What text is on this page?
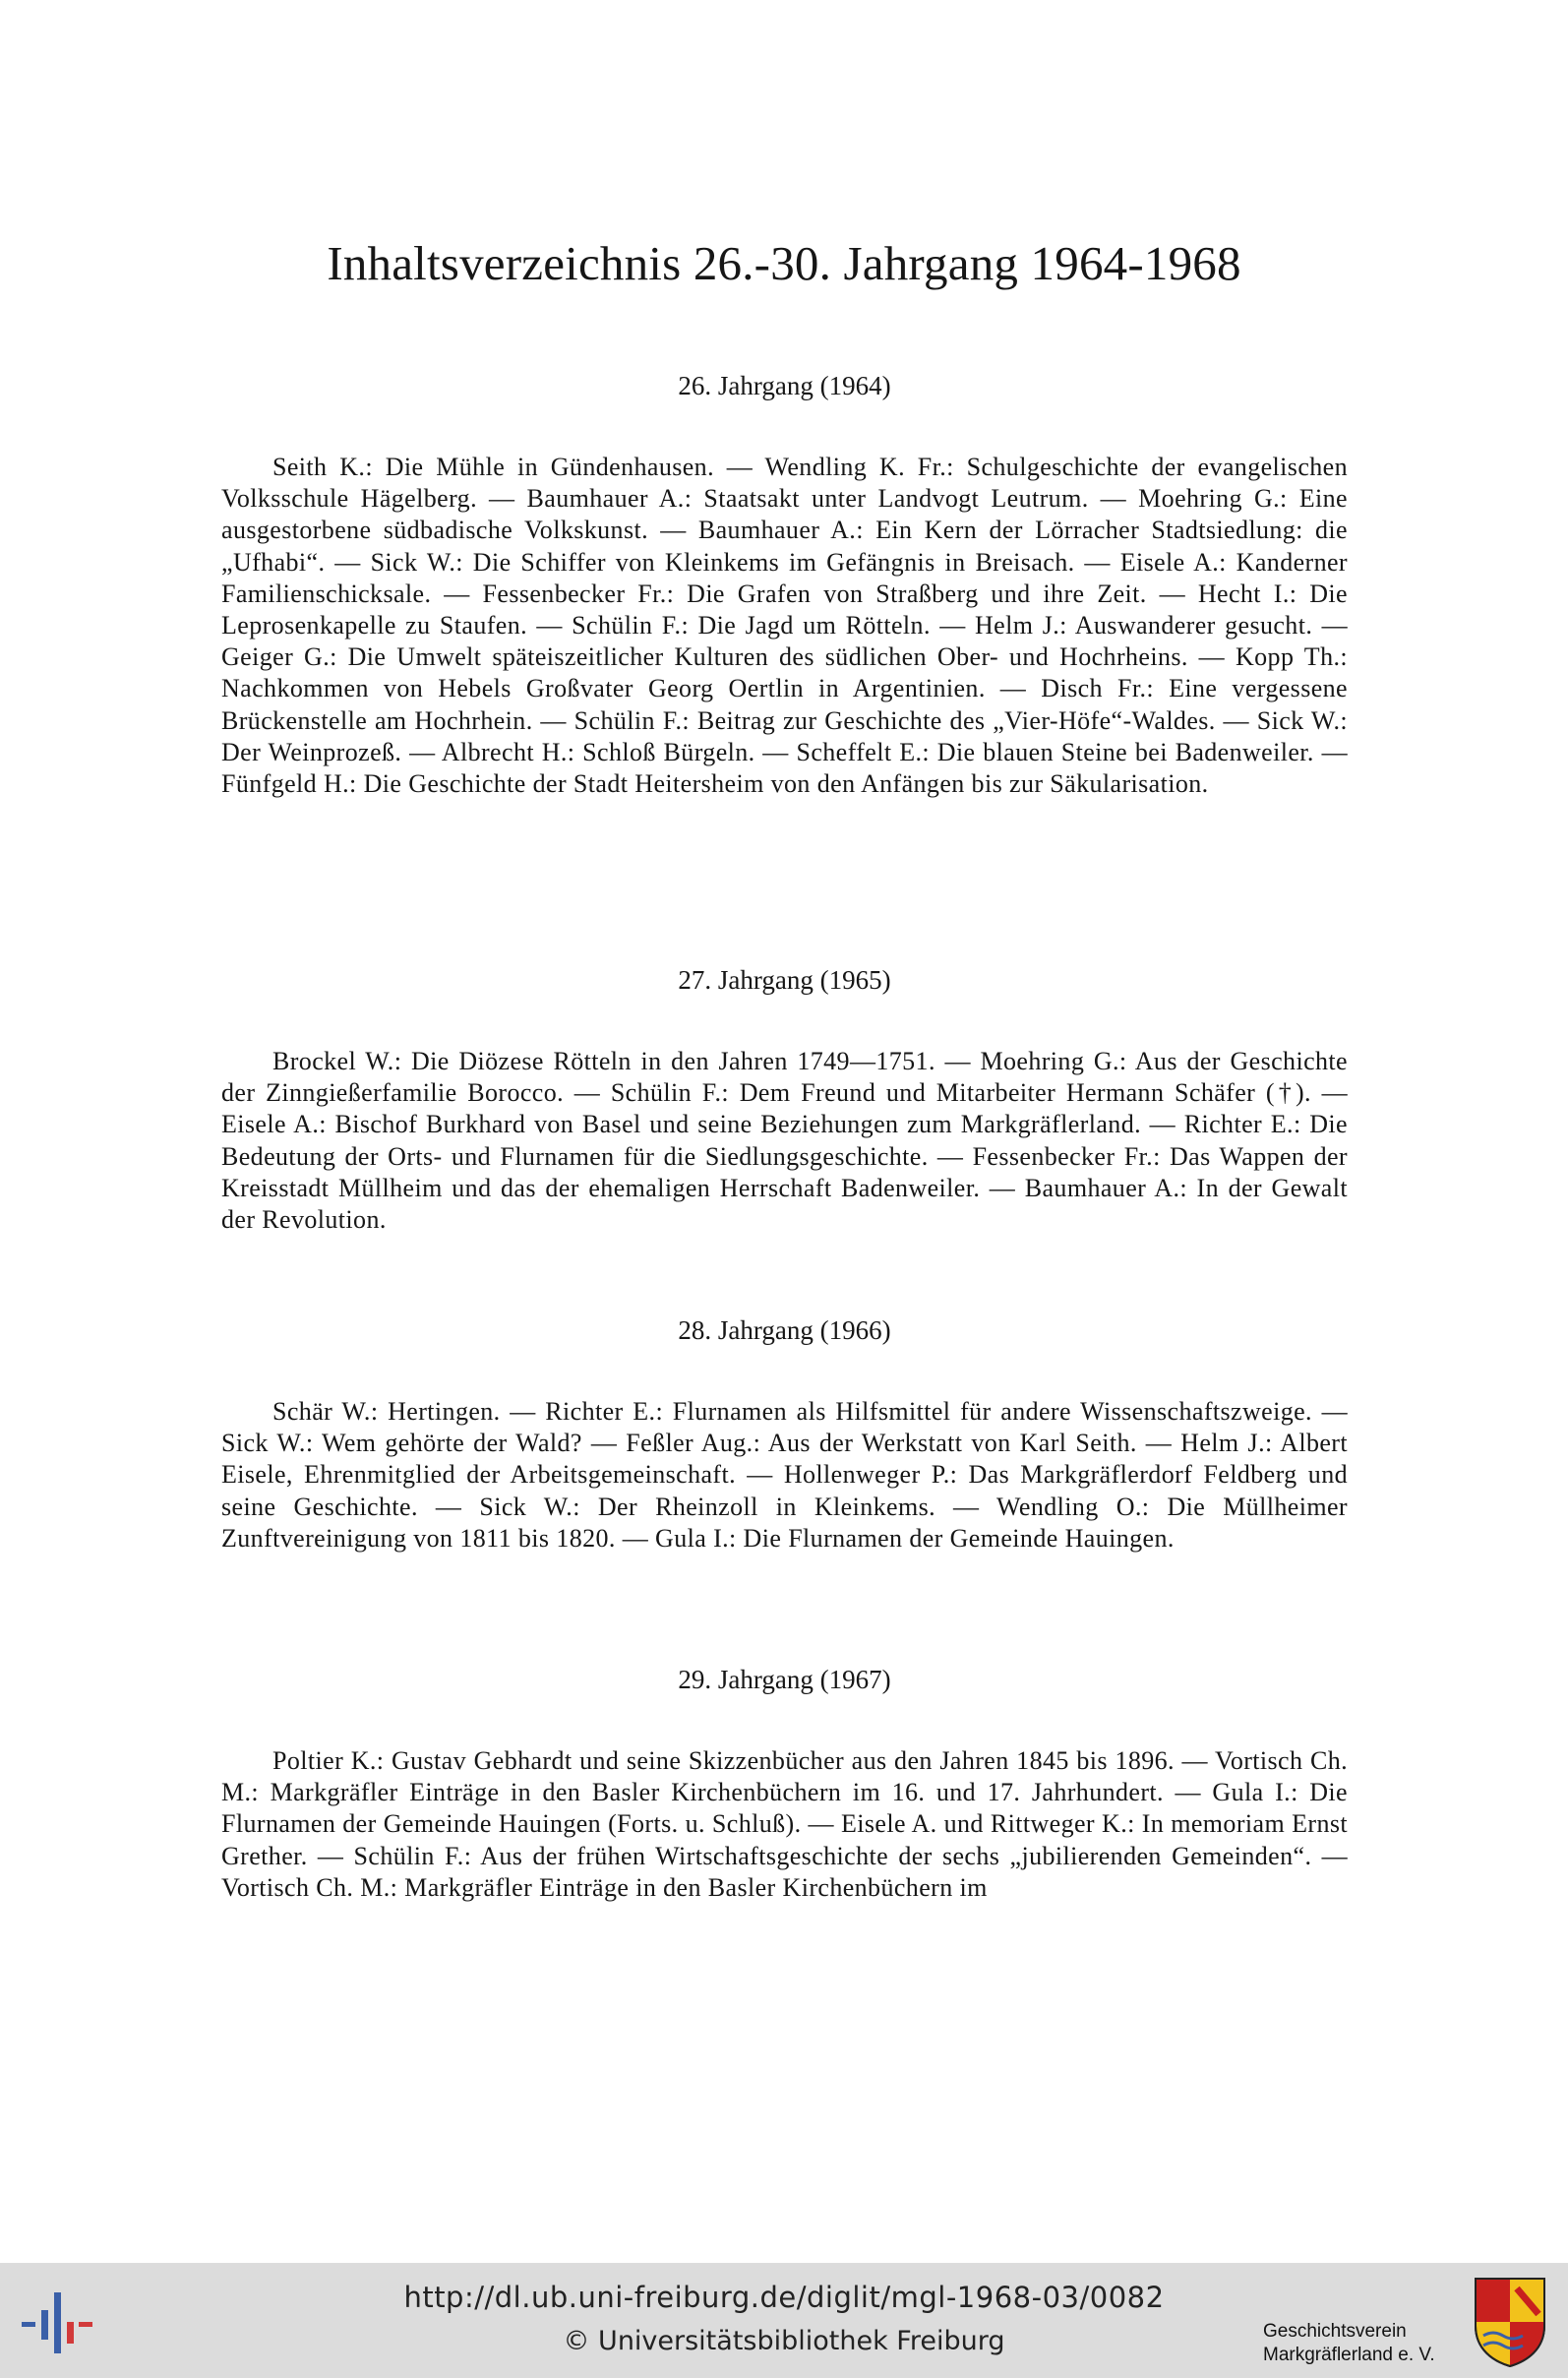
Inhaltsverzeichnis 26.-30. Jahrgang 1964-1968
26. Jahrgang (1964)

Seith K.: Die Mühle in Gündenhausen. — Wendling K. Fr.: Schulgeschichte der evangelischen Volksschule Hägelberg. — Baumhauer A.: Staatsakt unter Landvogt Leutrum. — Moehring G.: Eine ausgestorbene südbadische Volkskunst. — Baumhauer A.: Ein Kern der Lörracher Stadtsiedlung: die „Ufhabi“. — Sick W.: Die Schiffer von Kleinkems im Gefängnis in Breisach. — Eisele A.: Kanderner Familienschicksale. — Fessenbecker Fr.: Die Grafen von Straßberg und ihre Zeit. — Hecht I.: Die Leprosenkapelle zu Staufen. — Schülin F.: Die Jagd um Rötteln. — Helm J.: Auswanderer gesucht. — Geiger G.: Die Umwelt späteiszeitlicher Kulturen des südlichen Ober- und Hochrheins. — Kopp Th.: Nachkommen von Hebels Großvater Georg Oertlin in Argentinien. — Disch Fr.: Eine vergessene Brückenstelle am Hochrhein. — Schülin F.: Beitrag zur Geschichte des „Vier-Höfe“-Waldes. — Sick W.: Der Weinprozeß. — Albrecht H.: Schloß Bürgeln. — Scheffelt E.: Die blauen Steine bei Badenweiler. — Fünfgeld H.: Die Geschichte der Stadt Heitersheim von den Anfängen bis zur Säkularisation.

27. Jahrgang (1965)

Brockel W.: Die Diözese Rötteln in den Jahren 1749—1751. — Moehring G.: Aus der Geschichte der Zinngießerfamilie Borocco. — Schülin F.: Dem Freund und Mitarbeiter Hermann Schäfer (†). — Eisele A.: Bischof Burkhard von Basel und seine Beziehungen zum Markgräflerland. — Richter E.: Die Bedeutung der Orts- und Flurnamen für die Siedlungsgeschichte. — Fessenbecker Fr.: Das Wappen der Kreisstadt Müllheim und das der ehemaligen Herrschaft Badenweiler. — Baumhauer A.: In der Gewalt der Revolution.

28. Jahrgang (1966)

Schär W.: Hertingen. — Richter E.: Flurnamen als Hilfsmittel für andere Wissenschaftszweige. — Sick W.: Wem gehörte der Wald? — Feßler Aug.: Aus der Werkstatt von Karl Seith. — Helm J.: Albert Eisele, Ehrenmitglied der Arbeitsgemeinschaft. — Hollenweger P.: Das Markgräflerdorf Feldberg und seine Geschichte. — Sick W.: Der Rheinzoll in Kleinkems. — Wendling O.: Die Müllheimer Zunftvereinigung von 1811 bis 1820. — Gula I.: Die Flurnamen der Gemeinde Hauingen.

29. Jahrgang (1967)

Poltier K.: Gustav Gebhardt und seine Skizzenbücher aus den Jahren 1845 bis 1896. — Vortisch Ch. M.: Markgräfler Einträge in den Basler Kirchenbüchern im 16. und 17. Jahrhundert. — Gula I.: Die Flurnamen der Gemeinde Hauingen (Forts. u. Schluß). — Eisele A. und Rittweger K.: In memoriam Ernst Grether. — Schülin F.: Aus der frühen Wirtschaftsgeschichte der sechs „jubilierenden Gemeinden“. — Vortisch Ch. M.: Markgräfler Einträge in den Basler Kirchenbüchern im

http://dl.ub.uni-freiburg.de/diglit/mgl-1968-03/0082
© Universitätsbibliothek Freiburg	Geschichtsverein
Markgräflerland e. V.
